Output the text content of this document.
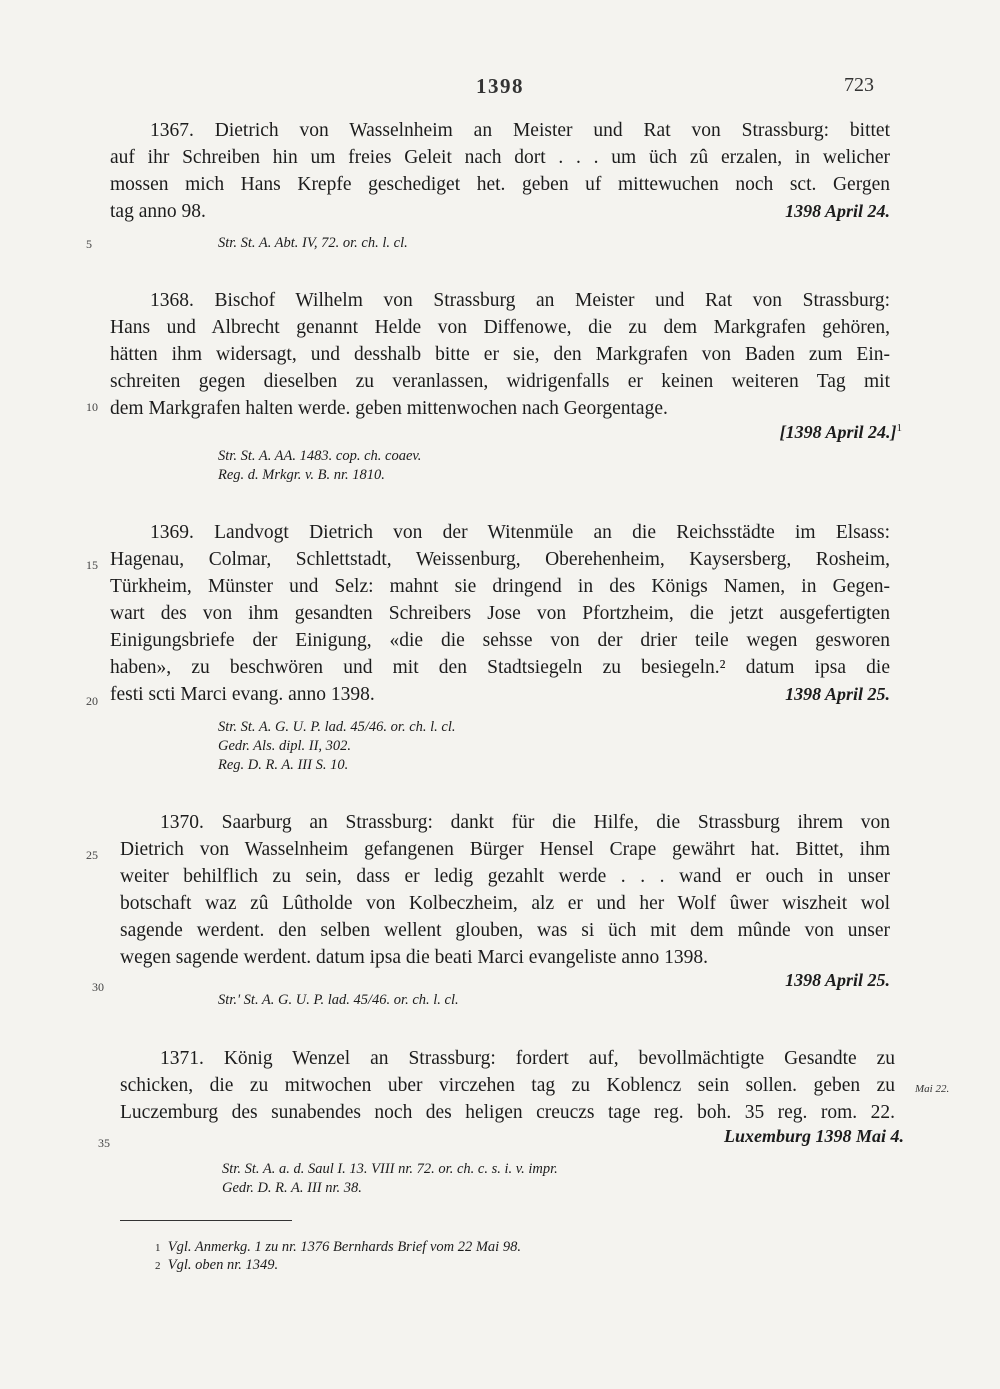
1398	723
1367. Dietrich von Wasselnheim an Meister und Rat von Strassburg: bittet
auf ihr Schreiben hin um freies Geleit nach dort . . . um üch zû erzalen, in welicher
mossen mich Hans Krepfe geschediget het. geben uf mittewuchen noch sct. Gergen
tag anno 98.	1398 April 24.
5	Str. St. A. Abt. IV, 72. or. ch. l. cl.
1368. Bischof Wilhelm von Strassburg an Meister und Rat von Strassburg:
Hans und Albrecht genannt Helde von Diffenowe, die zu dem Markgrafen gehören,
hätten ihm widersagt, und desshalb bitte er sie, den Markgrafen von Baden zum Ein-
schreiten gegen dieselben zu veranlassen, widrigenfalls er keinen weiteren Tag mit
10 dem Markgrafen halten werde. geben mittenwochen nach Georgentage.
[1398 April 24.]$^1$
Str. St. A. AA. 1483. cop. ch. coaev.
Reg. d. Mrkgr. v. B. nr. 1810.
1369. Landvogt Dietrich von der Witenmüle an die Reichsstädte im Elsass:
15 Hagenau, Colmar, Schlettstadt, Weissenburg, Oberehenheim, Kaysersberg, Rosheim,
Türkheim, Münster und Selz: mahnt sie dringend in des Königs Namen, in Gegen-
wart des von ihm gesandten Schreibers Jose von Pfortzheim, die jetzt ausgefertigten
Einigungsbriefe der Einigung, «die die sehsse von der drier teile wegen gesworen
haben», zu beschwören und mit den Stadtsiegeln zu besiegeln.² datum ipsa die
20 festi scti Marci evang. anno 1398.	1398 April 25.
Str. St. A. G. U. P. lad. 45/46. or. ch. l. cl.
Gedr. Als. dipl. II, 302.
Reg. D. R. A. III S. 10.
1370. Saarburg an Strassburg: dankt für die Hilfe, die Strassburg ihrem von
25 Dietrich von Wasselnheim gefangenen Bürger Hensel Crape gewährt hat. Bittet, ihm
weiter behilflich zu sein, dass er ledig gezahlt werde . . . wand er ouch in unser
botschaft waz zû Lûtholde von Kolbeczheim, alz er und her Wolf ûwer wiszheit wol
sagende werdent. den selben wellent glouben, was si üch mit dem mûnde von unser
wegen sagende werdent. datum ipsa die beati Marci evangeliste anno 1398.
30	1398 April 25.
Str.' St. A. G. U. P. lad. 45/46. or. ch. l. cl.
1371. König Wenzel an Strassburg: fordert auf, bevollmächtigte Gesandte zu
schicken, die zu mitwochen uber virczehen tag zu Koblencz sein sollen. geben zu Mai 22.
Luczemburg des sunabendes noch des heligen creuczs tage reg. boh. 35 reg. rom. 22.
35	Luxemburg 1398 Mai 4.
Str. St. A. a. d. Saul I. 13. VIII nr. 72. or. ch. c. s. i. v. impr.
Gedr. D. R. A. III nr. 38.
1 Vgl. Anmerkg. 1 zu nr. 1376 Bernhards Brief vom 22 Mai 98.
2 Vgl. oben nr. 1349.
